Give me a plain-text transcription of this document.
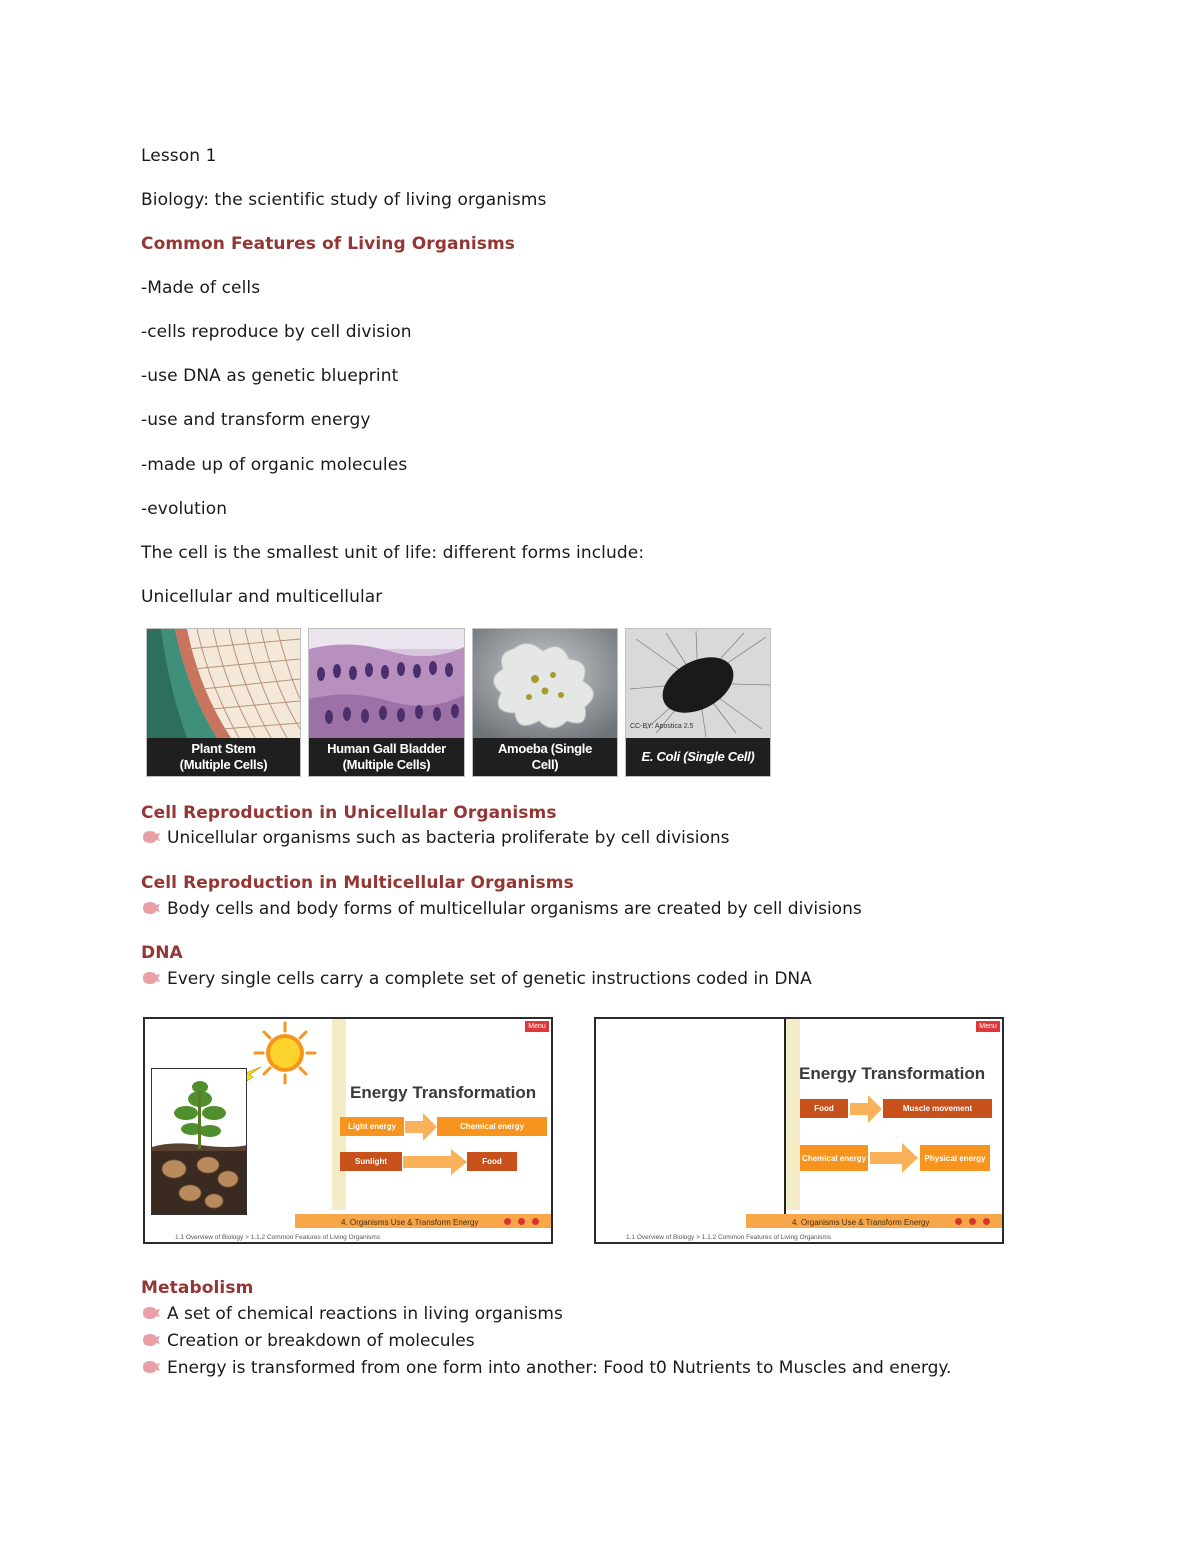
Lesson 1
Biology: the scientific study of living organisms
Common Features of Living Organisms
-Made of cells
-cells reproduce by cell division
-use DNA as genetic blueprint
-use and transform energy
-made up of organic molecules
-evolution
The cell is the smallest unit of life: different forms include:
Unicellular and multicellular
Plant Stem
(Multiple Cells)
Human Gall Bladder
(Multiple Cells)
Amoeba (Single
Cell)
CC-BY: Apostica 2.5
E. Coli (Single Cell)
Cell Reproduction in Unicellular Organisms
Unicellular organisms such as bacteria proliferate by cell divisions
Cell Reproduction in Multicellular Organisms
Body cells and body forms of multicellular organisms are created by cell divisions
DNA
Every single cells carry a complete set of genetic instructions coded in DNA
Menu
Energy Transformation
Light energy	Chemical energy
Sunlight	Food
4. Organisms Use & Transform Energy
1.1 Overview of Biology > 1.1.2 Common Features of Living Organisms
Menu
Energy Transformation
Food	Muscle movement
Chemical energy	Physical energy
4. Organisms Use & Transform Energy
1.1 Overview of Biology > 1.1.2 Common Features of Living Organisms
Metabolism
A set of chemical reactions in living organisms
Creation or breakdown of molecules
Energy is transformed from one form into another: Food t0 Nutrients to Muscles and energy.
